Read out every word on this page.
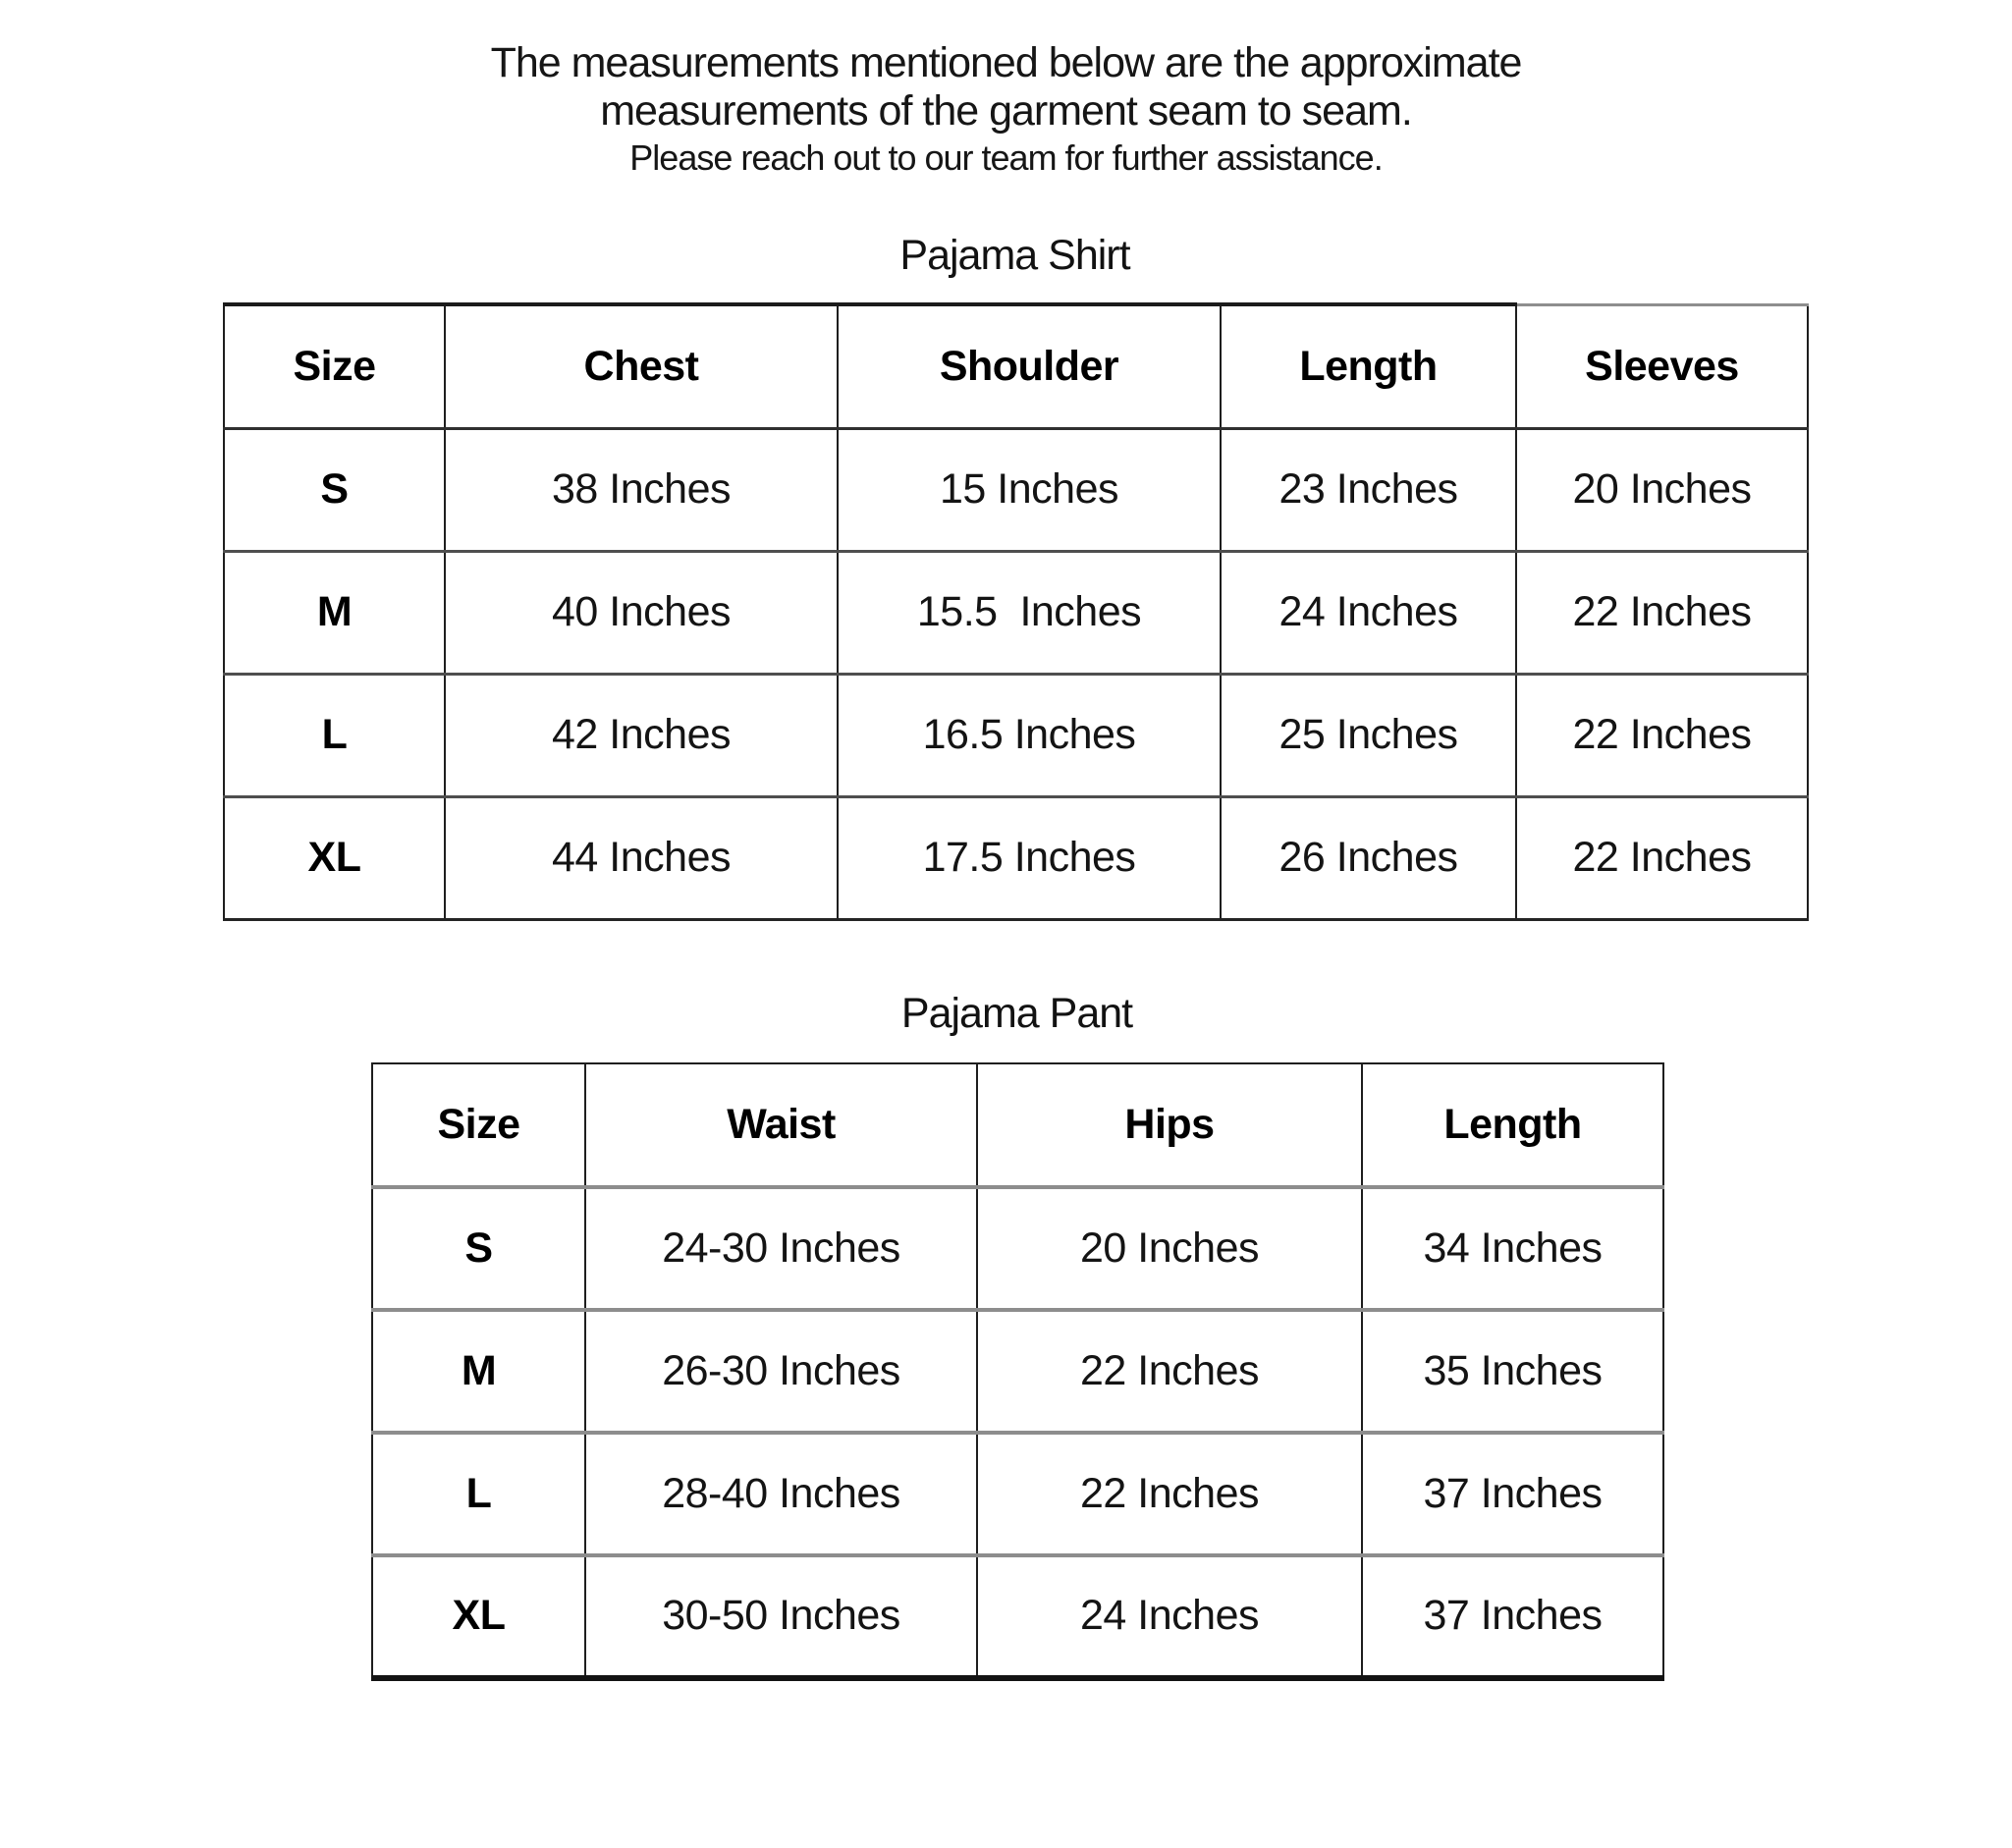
The measurements mentioned below are the approximate

measurements of the garment seam to seam.

Please reach out to our team for further assistance.

Pajama Shirt
Size	Chest	Shoulder	Length	Sleeves
S	38 Inches	15 Inches	23 Inches	20 Inches
M	40 Inches	15.5  Inches	24 Inches	22 Inches
L	42 Inches	16.5 Inches	25 Inches	22 Inches
XL	44 Inches	17.5 Inches	26 Inches	22 Inches
Pajama Pant
Size	Waist	Hips	Length
S	24-30 Inches	20 Inches	34 Inches
M	26-30 Inches	22 Inches	35 Inches
L	28-40 Inches	22 Inches	37 Inches
XL	30-50 Inches	24 Inches	37 Inches
